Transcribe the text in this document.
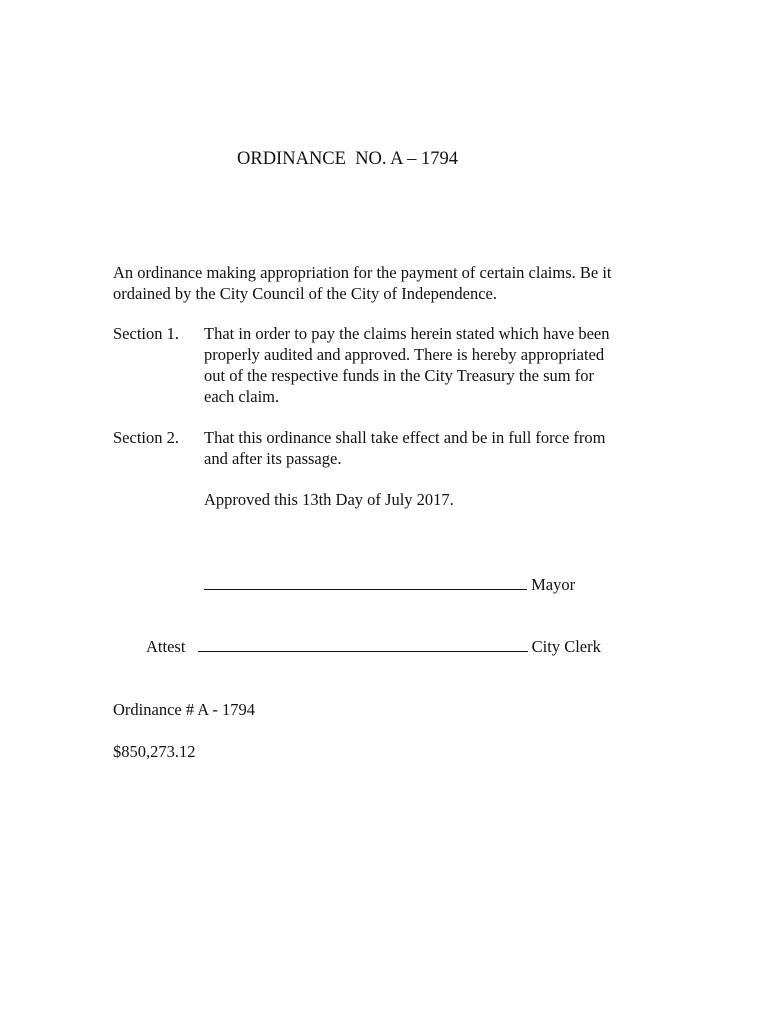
ORDINANCE  NO. A – 1794
An ordinance making appropriation for the payment of certain claims. Be it
ordained by the City Council of the City of Independence.
Section 1. That in order to pay the claims herein stated which have been
properly audited and approved. There is hereby appropriated
out of the respective funds in the City Treasury the sum for
each claim.
Section 2. That this ordinance shall take effect and be in full force from
and after its passage.
Approved this 13th Day of July 2017.
Mayor
Attest	City Clerk

Ordinance # A - 1794

$850,273.12
